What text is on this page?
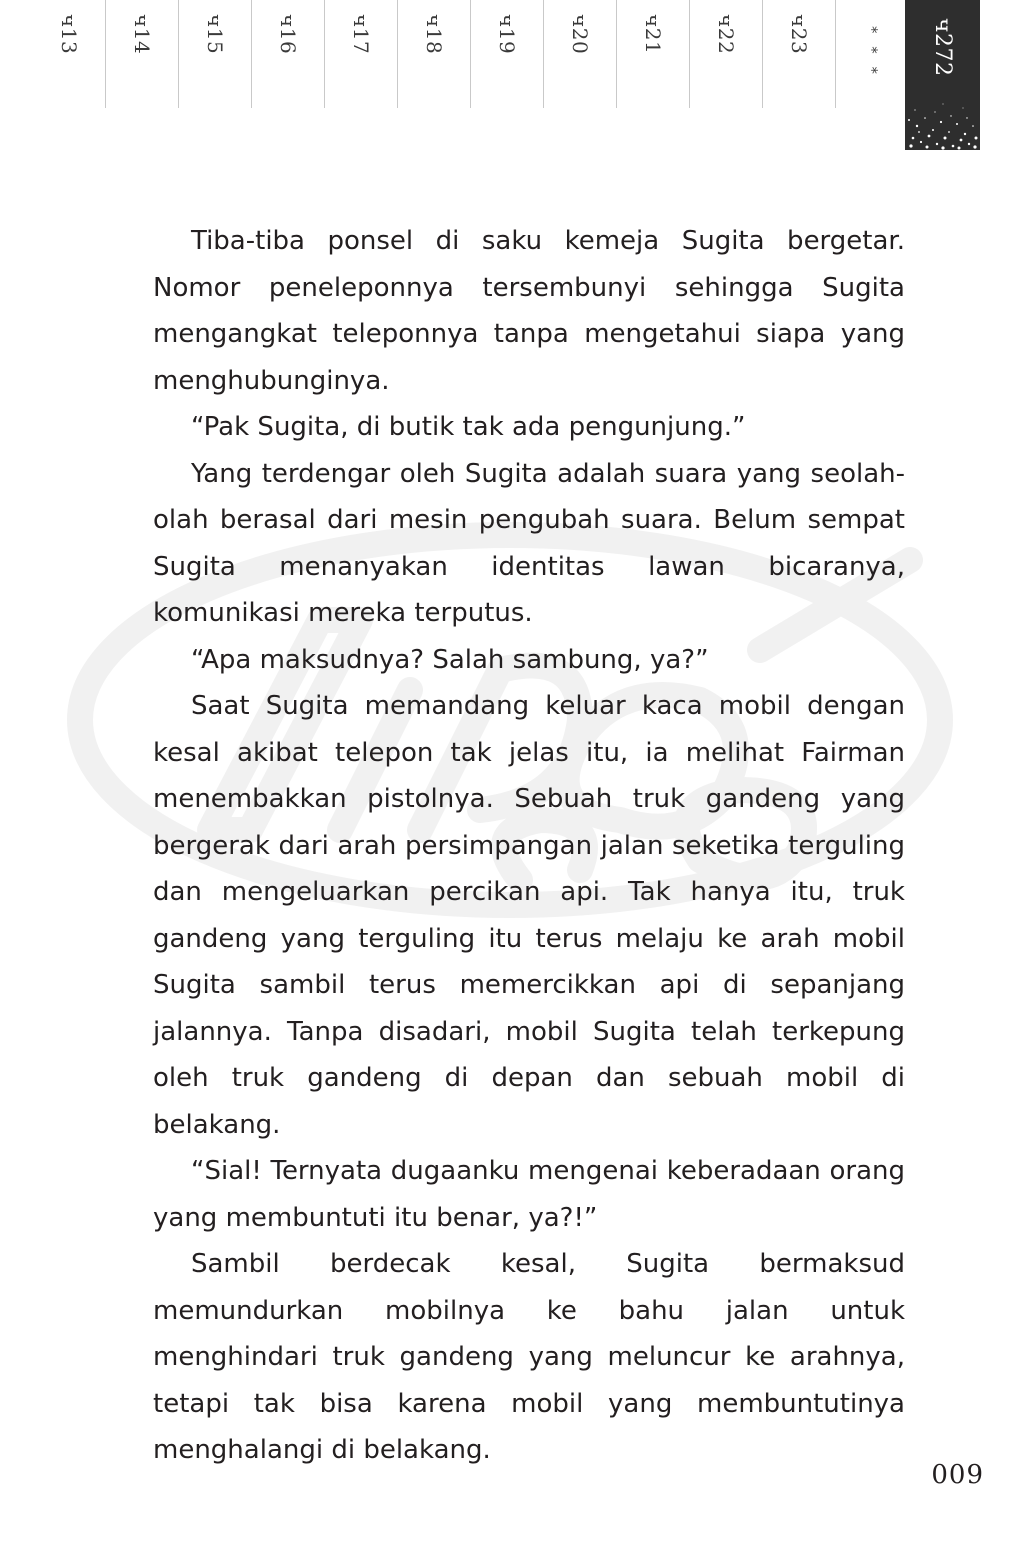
ч13 ч14 ч15 ч16 ч17 ч18 ч19 ч20 ч21 ч22 ч23	* * * ч272

Tiba-tiba ponsel di saku kemeja Sugita bergetar. Nomor peneleponnya tersembunyi sehingga Sugita mengangkat teleponnya tanpa mengetahui siapa yang menghubunginya.

“Pak Sugita, di butik tak ada pengunjung.”

Yang terdengar oleh Sugita adalah suara yang seolah-olah berasal dari mesin pengubah suara. Belum sempat Sugita menanyakan identitas lawan bicaranya, komunikasi mereka terputus.

“Apa maksudnya? Salah sambung, ya?”

Saat Sugita memandang keluar kaca mobil dengan kesal akibat telepon tak jelas itu, ia melihat Fairman menembakkan pistolnya. Sebuah truk gandeng yang bergerak dari arah persimpangan jalan seketika terguling dan mengeluarkan percikan api. Tak hanya itu, truk gandeng yang terguling itu terus melaju ke arah mobil Sugita sambil terus memercikkan api di sepanjang jalannya. Tanpa disadari, mobil Sugita telah terkepung oleh truk gandeng di depan dan sebuah mobil di belakang.

“Sial! Ternyata dugaanku mengenai keberadaan orang yang membuntuti itu benar, ya?!”

Sambil berdecak kesal, Sugita bermaksud memundurkan mobilnya ke bahu jalan untuk menghindari truk gandeng yang meluncur ke arahnya, tetapi tak bisa karena mobil yang membuntutinya menghalangi di belakang.

009
